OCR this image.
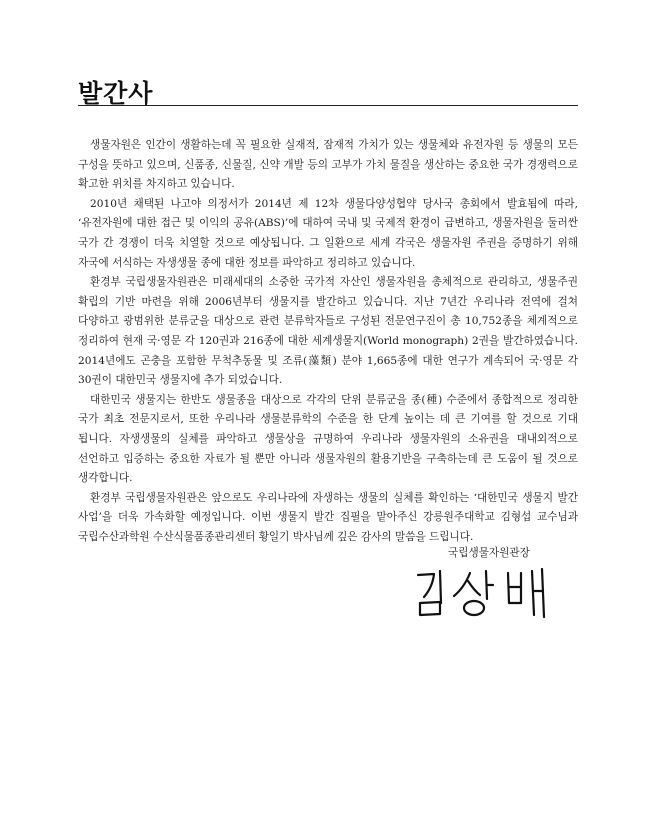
발간사

생물자원은 인간이 생활하는데 꼭 필요한 실재적, 잠재적 가치가 있는 생물체와 유전자원 등 생물의 모든 구성을 뜻하고 있으며, 신품종, 신물질, 신약 개발 등의 고부가 가치 물질을 생산하는 중요한 국가 경쟁력으로 확고한 위치를 차지하고 있습니다.

2010년 채택된 나고야 의정서가 2014년 제 12차 생물다양성협약 당사국 총회에서 발효됨에 따라, ‘유전자원에 대한 접근 및 이익의 공유(ABS)’에 대하여 국내 및 국제적 환경이 급변하고, 생물자원을 둘러싼 국가 간 경쟁이 더욱 치열할 것으로 예상됩니다. 그 일환으로 세계 각국은 생물자원 주권을 증명하기 위해 자국에 서식하는 자생생물 종에 대한 정보를 파악하고 정리하고 있습니다.

환경부 국립생물자원관은 미래세대의 소중한 국가적 자산인 생물자원을 총체적으로 관리하고, 생물주권 확립의 기반 마련을 위해 2006년부터 생물지를 발간하고 있습니다. 지난 7년간 우리나라 전역에 걸쳐 다양하고 광범위한 분류군을 대상으로 관련 분류학자들로 구성된 전문연구진이 총 10,752종을 체계적으로 정리하여 현재 국·영문 각 120권과 216종에 대한 세계생물지(World monograph) 2권을 발간하였습니다. 2014년에도 곤충을 포함한 무척추동물 및 조류(藻類) 분야 1,665종에 대한 연구가 계속되어 국·영문 각 30권이 대한민국 생물지에 추가 되었습니다.

대한민국 생물지는 한반도 생물종을 대상으로 각각의 단위 분류군을 종(種) 수준에서 종합적으로 정리한 국가 최초 전문지로서, 또한 우리나라 생물분류학의 수준을 한 단계 높이는 데 큰 기여를 할 것으로 기대 됩니다. 자생생물의 실체를 파악하고 생물상을 규명하여 우리나라 생물자원의 소유권을 대내외적으로 선언하고 입증하는 중요한 자료가 될 뿐만 아니라 생물자원의 활용기반을 구축하는데 큰 도움이 될 것으로 생각합니다.

환경부 국립생물자원관은 앞으로도 우리나라에 자생하는 생물의 실체를 확인하는 ‘대한민국 생물지 발간 사업’을 더욱 가속화할 예정입니다. 이번 생물지 발간 집필을 맡아주신 강릉원주대학교 김형섭 교수님과 국립수산과학원 수산식물품종관리센터 황일기 박사님께 깊은 감사의 말씀을 드립니다.

국립생물자원관장
